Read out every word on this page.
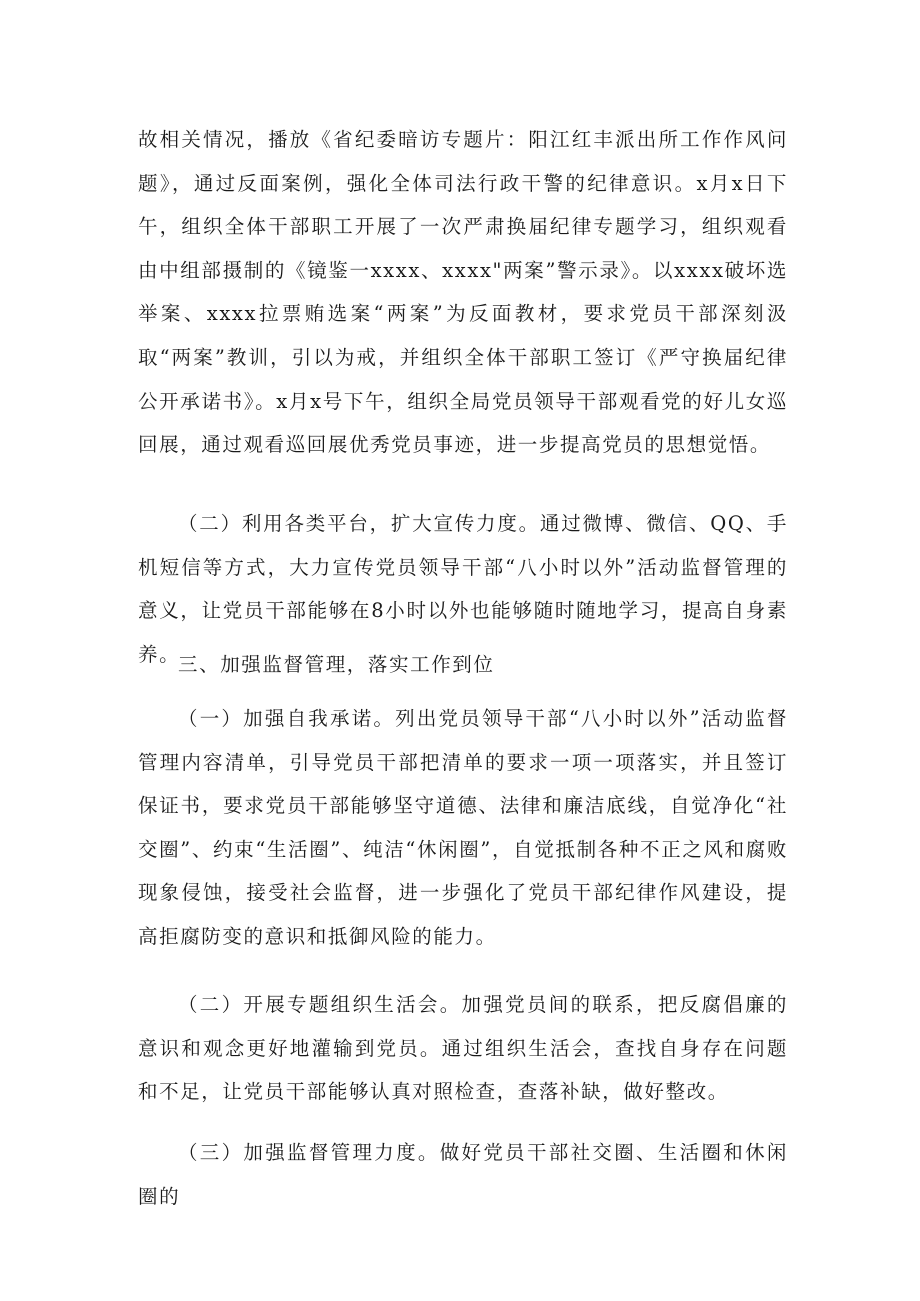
故相关情况，播放《省纪委暗访专题片：阳江红丰派出所工作作风问题》，通过反面案例，强化全体司法行政干警的纪律意识。x月x日下午，组织全体干部职工开展了一次严肃换届纪律专题学习，组织观看由中组部摄制的《镜鉴一xxxx、xxxx"两案”警示录》。以xxxx破坏选举案、xxxx拉票贿选案“两案”为反面教材，要求党员干部深刻汲取“两案”教训，引以为戒，并组织全体干部职工签订《严守换届纪律公开承诺书》。x月x号下午，组织全局党员领导干部观看党的好儿女巡回展，通过观看巡回展优秀党员事迹，进一步提高党员的思想觉悟。

（二）利用各类平台，扩大宣传力度。通过微博、微信、QQ、手机短信等方式，大力宣传党员领导干部“八小时以外”活动监督管理的意义，让党员干部能够在8小时以外也能够随时随地学习，提高自身素养。

三、加强监督管理，落实工作到位

（一）加强自我承诺。列出党员领导干部“八小时以外”活动监督管理内容清单，引导党员干部把清单的要求一项一项落实，并且签订保证书，要求党员干部能够坚守道德、法律和廉洁底线，自觉净化“社交圈”、约束“生活圈”、纯洁“休闲圈”，自觉抵制各种不正之风和腐败现象侵蚀，接受社会监督，进一步强化了党员干部纪律作风建设，提高拒腐防变的意识和抵御风险的能力。

（二）开展专题组织生活会。加强党员间的联系，把反腐倡廉的意识和观念更好地灌输到党员。通过组织生活会，查找自身存在问题和不足，让党员干部能够认真对照检查，查落补缺，做好整改。

（三）加强监督管理力度。做好党员干部社交圈、生活圈和休闲圈的
